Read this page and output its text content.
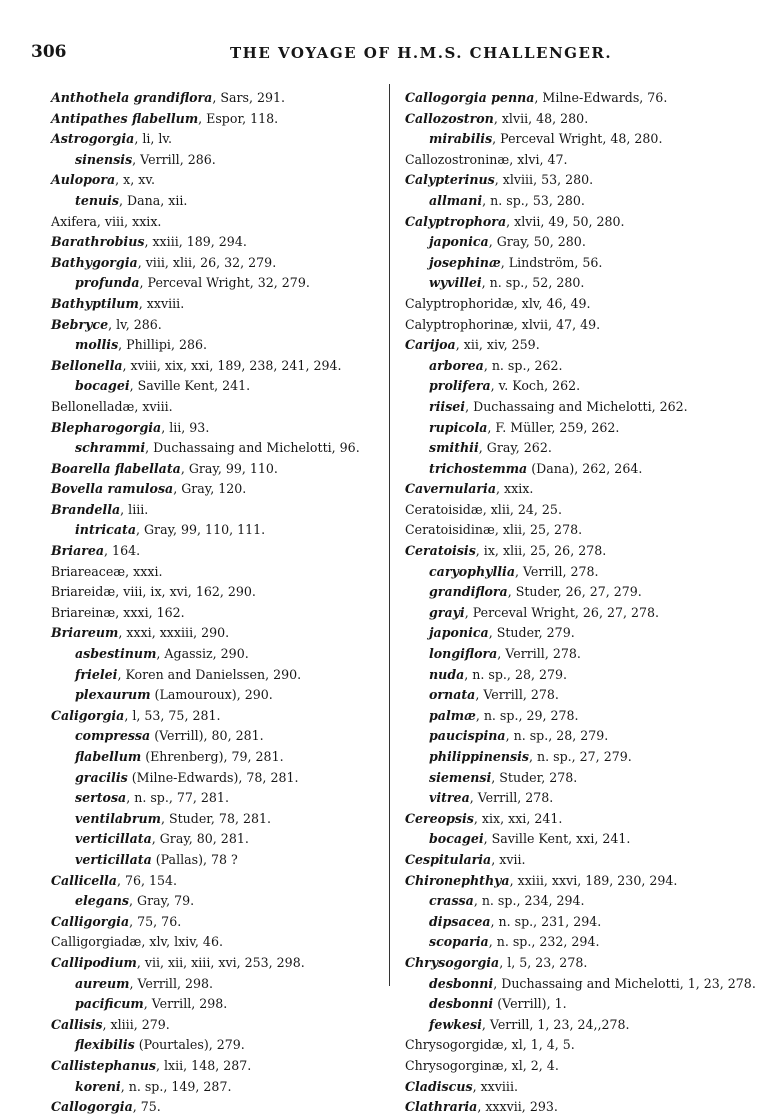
306	THE VOYAGE OF H.M.S. CHALLENGER.
Anthothela grandiflora, Sars, 291.
Antipathes flabellum, Espor, 118.
Astrogorgia, li, lv.
sinensis, Verrill, 286.
Aulopora, x, xv.
tenuis, Dana, xii.
Axifera, viii, xxix.
Barathrobius, xxiii, 189, 294.
Bathygorgia, viii, xlii, 26, 32, 279.
profunda, Perceval Wright, 32, 279.
Bathyptilum, xxviii.
Bebryce, lv, 286.
mollis, Phillipi, 286.
Bellonella, xviii, xix, xxi, 189, 238, 241, 294.
bocagei, Saville Kent, 241.
Bellonelladæ, xviii.
Blepharogorgia, lii, 93.
schrammi, Duchassaing and Michelotti, 96.
Boarella flabellata, Gray, 99, 110.
Bovella ramulosa, Gray, 120.
Brandella, liii.
intricata, Gray, 99, 110, 111.
Briarea, 164.
Briareaceæ, xxxi.
Briareidæ, viii, ix, xvi, 162, 290.
Briareinæ, xxxi, 162.
Briareum, xxxi, xxxiii, 290.
asbestinum, Agassiz, 290.
frielei, Koren and Danielssen, 290.
plexaurum (Lamouroux), 290.
Caligorgia, l, 53, 75, 281.
compressa (Verrill), 80, 281.
flabellum (Ehrenberg), 79, 281.
gracilis (Milne-Edwards), 78, 281.
sertosa, n. sp., 77, 281.
ventilabrum, Studer, 78, 281.
verticillata, Gray, 80, 281.
verticillata (Pallas), 78 ?
Callicella, 76, 154.
elegans, Gray, 79.
Calligorgia, 75, 76.
Calligorgiadæ, xlv, lxiv, 46.
Callipodium, vii, xii, xiii, xvi, 253, 298.
aureum, Verrill, 298.
pacificum, Verrill, 298.
Callisis, xliii, 279.
flexibilis (Pourtales), 279.
Callistephanus, lxii, 148, 287.
koreni, n. sp., 149, 287.
Callogorgia, 75.
Callogorgia penna, Milne-Edwards, 76.
Callozostron, xlvii, 48, 280.
mirabilis, Perceval Wright, 48, 280.
Callozostroninæ, xlvi, 47.
Calypterinus, xlviii, 53, 280.
allmani, n. sp., 53, 280.
Calyptrophora, xlvii, 49, 50, 280.
japonica, Gray, 50, 280.
josephinæ, Lindström, 56.
wyvillei, n. sp., 52, 280.
Calyptrophoridæ, xlv, 46, 49.
Calyptrophorinæ, xlvii, 47, 49.
Carijoa, xii, xiv, 259.
arborea, n. sp., 262.
prolifera, v. Koch, 262.
riisei, Duchassaing and Michelotti, 262.
rupicola, F. Müller, 259, 262.
smithii, Gray, 262.
trichostemma (Dana), 262, 264.
Cavernularia, xxix.
Ceratoisidæ, xlii, 24, 25.
Ceratoisidinæ, xlii, 25, 278.
Ceratoisis, ix, xlii, 25, 26, 278.
caryophyllia, Verrill, 278.
grandiflora, Studer, 26, 27, 279.
grayi, Perceval Wright, 26, 27, 278.
japonica, Studer, 279.
longiflora, Verrill, 278.
nuda, n. sp., 28, 279.
ornata, Verrill, 278.
palmæ, n. sp., 29, 278.
paucispina, n. sp., 28, 279.
philippinensis, n. sp., 27, 279.
siemensi, Studer, 278.
vitrea, Verrill, 278.
Cereopsis, xix, xxi, 241.
bocagei, Saville Kent, xxi, 241.
Cespitularia, xvii.
Chironephthya, xxiii, xxvi, 189, 230, 294.
crassa, n. sp., 234, 294.
dipsacea, n. sp., 231, 294.
scoparia, n. sp., 232, 294.
Chrysogorgia, l, 5, 23, 278.
desbonni, Duchassaing and Michelotti, 1, 23, 278.
desbonni (Verrill), 1.
fewkesi, Verrill, 1, 23, 24,,278.
Chrysogorgidæ, xl, 1, 4, 5.
Chrysogorginæ, xl, 2, 4.
Cladiscus, xxviii.
Clathraria, xxxvii, 293.
